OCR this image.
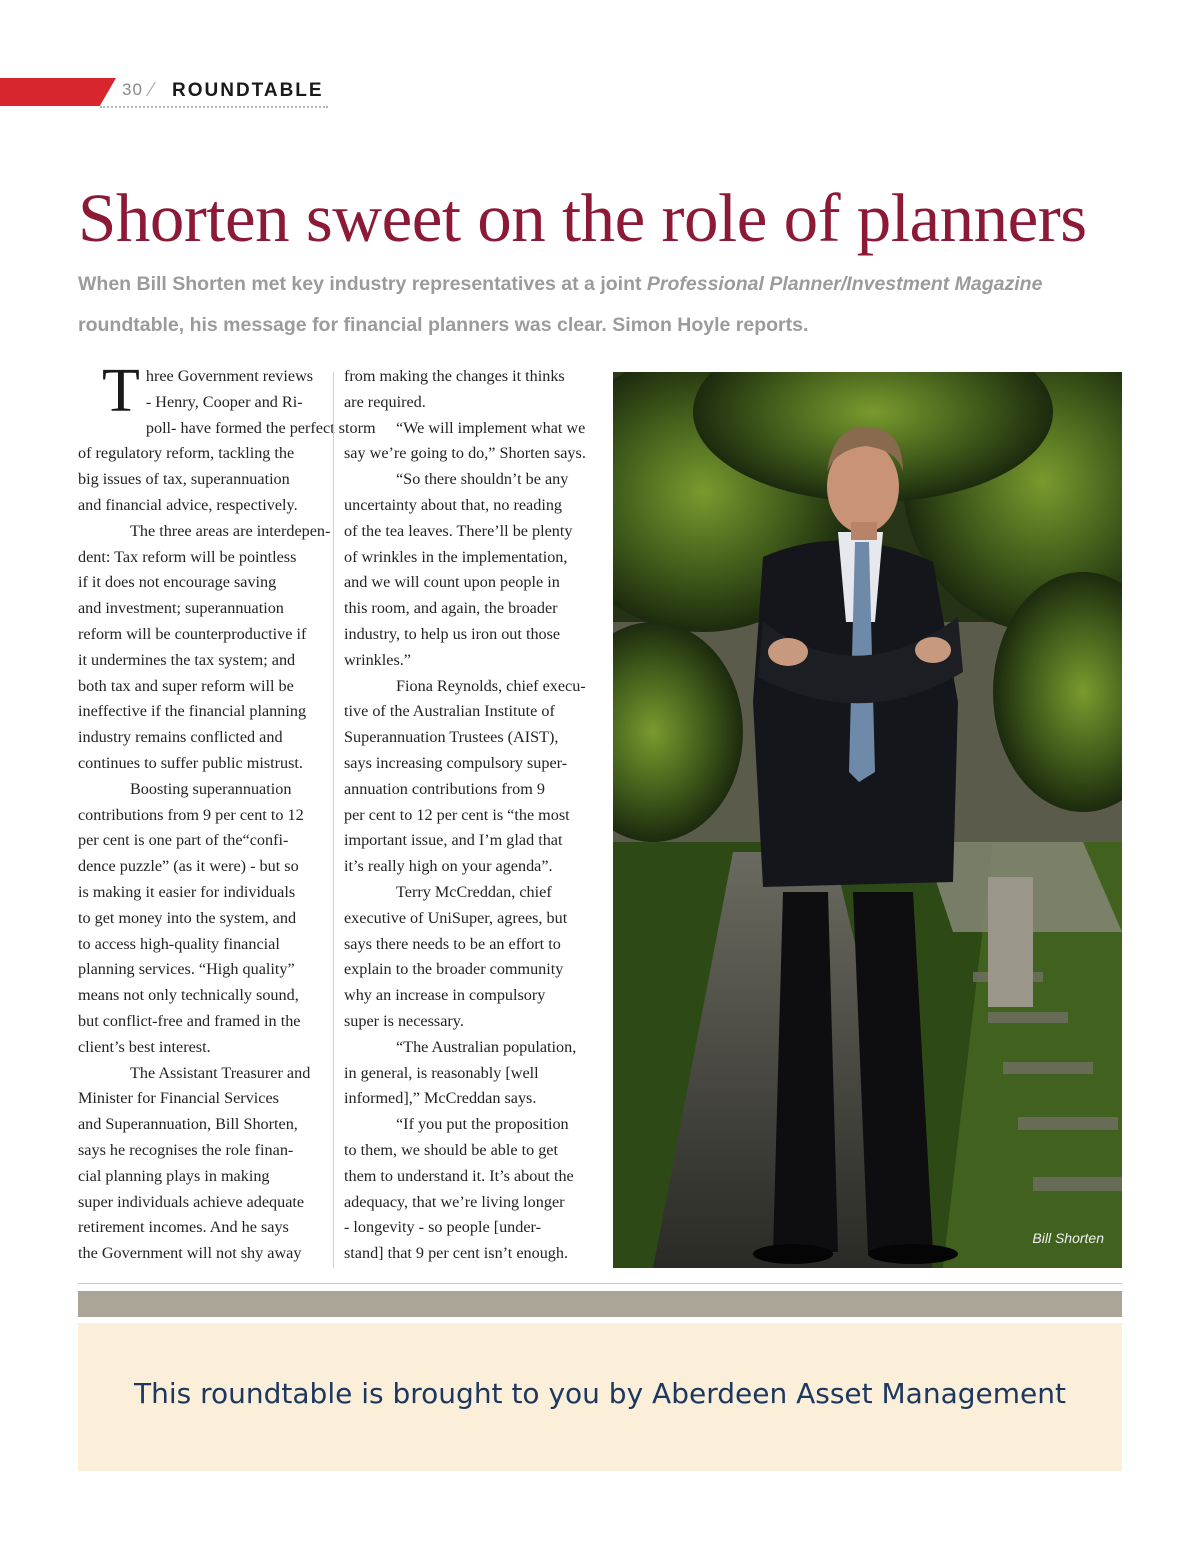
30 ⁄ ROUNDTABLE
Shorten sweet on the role of planners
When Bill Shorten met key industry representatives at a joint Professional Planner/Investment Magazine roundtable, his message for financial planners was clear. Simon Hoyle reports.
T hree Government reviews
- Henry, Cooper and Ri-
poll- have formed the perfect storm
of regulatory reform, tackling the
big issues of tax, superannuation
and financial advice, respectively.
The three areas are interdepen-
dent: Tax reform will be pointless
if it does not encourage saving
and investment; superannuation
reform will be counterproductive if
it undermines the tax system; and
both tax and super reform will be
ineffective if the financial planning
industry remains conflicted and
continues to suffer public mistrust.
Boosting superannuation
contributions from 9 per cent to 12
per cent is one part of the“confi-
dence puzzle” (as it were) - but so
is making it easier for individuals
to get money into the system, and
to access high-quality financial
planning services. “High quality”
means not only technically sound,
but conflict-free and framed in the
client’s best interest.
The Assistant Treasurer and
Minister for Financial Services
and Superannuation, Bill Shorten,
says he recognises the role finan-
cial planning plays in making
super individuals achieve adequate
retirement incomes. And he says
the Government will not shy away
from making the changes it thinks
are required.
“We will implement what we
say we’re going to do,” Shorten says.
“So there shouldn’t be any
uncertainty about that, no reading
of the tea leaves. There’ll be plenty
of wrinkles in the implementation,
and we will count upon people in
this room, and again, the broader
industry, to help us iron out those
wrinkles.”
Fiona Reynolds, chief execu-
tive of the Australian Institute of
Superannuation Trustees (AIST),
says increasing compulsory super-
annuation contributions from 9
per cent to 12 per cent is “the most
important issue, and I’m glad that
it’s really high on your agenda”.
Terry McCreddan, chief
executive of UniSuper, agrees, but
says there needs to be an effort to
explain to the broader community
why an increase in compulsory
super is necessary.
“The Australian population,
in general, is reasonably [well
informed],” McCreddan says.
“If you put the proposition
to them, we should be able to get
them to understand it. It’s about the
adequacy, that we’re living longer
- longevity - so people [under-
stand] that 9 per cent isn’t enough.
Bill Shorten
This roundtable is brought to you by Aberdeen Asset Management
